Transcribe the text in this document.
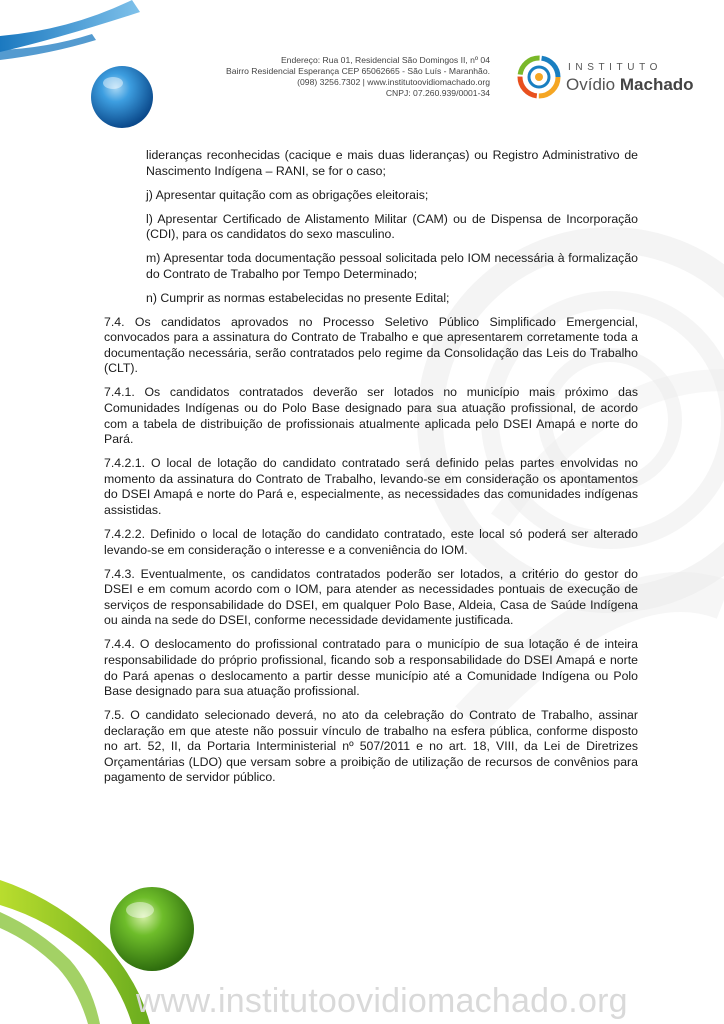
Endereço: Rua 01, Residencial São Domingos II, nº 04
Bairro Residencial Esperança CEP 65062665 - São Luís - Maranhão.
(098) 3256.7302 | www.institutoovidiomachado.org
CNPJ: 07.260.939/0001-34
INSTITUTO
Ovídio Machado

lideranças reconhecidas (cacique e mais duas lideranças) ou Registro Administrativo de Nascimento Indígena – RANI, se for o caso;

j) Apresentar quitação com as obrigações eleitorais;

l) Apresentar Certificado de Alistamento Militar (CAM) ou de Dispensa de Incorporação (CDI), para os candidatos do sexo masculino.

m) Apresentar toda documentação pessoal solicitada pelo IOM necessária à formalização do Contrato de Trabalho por Tempo Determinado;

n) Cumprir as normas estabelecidas no presente Edital;

7.4. Os candidatos aprovados no Processo Seletivo Público Simplificado Emergencial, convocados para a assinatura do Contrato de Trabalho e que apresentarem corretamente toda a documentação necessária, serão contratados pelo regime da Consolidação das Leis do Trabalho (CLT).

7.4.1. Os candidatos contratados deverão ser lotados no município mais próximo das Comunidades Indígenas ou do Polo Base designado para sua atuação profissional, de acordo com a tabela de distribuição de profissionais atualmente aplicada pelo DSEI Amapá e norte do Pará.

7.4.2.1. O local de lotação do candidato contratado será definido pelas partes envolvidas no momento da assinatura do Contrato de Trabalho, levando-se em consideração os apontamentos do DSEI Amapá e norte do Pará e, especialmente, as necessidades das comunidades indígenas assistidas.

7.4.2.2. Definido o local de lotação do candidato contratado, este local só poderá ser alterado levando-se em consideração o interesse e a conveniência do IOM.

7.4.3. Eventualmente, os candidatos contratados poderão ser lotados, a critério do gestor do DSEI e em comum acordo com o IOM, para atender as necessidades pontuais de execução de serviços de responsabilidade do DSEI, em qualquer Polo Base, Aldeia, Casa de Saúde Indígena ou ainda na sede do DSEI, conforme necessidade devidamente justificada.

7.4.4. O deslocamento do profissional contratado para o município de sua lotação é de inteira responsabilidade do próprio profissional, ficando sob a responsabilidade do DSEI Amapá e norte do Pará apenas o deslocamento a partir desse município até a Comunidade Indígena ou Polo Base designado para sua atuação profissional.

7.5. O candidato selecionado deverá, no ato da celebração do Contrato de Trabalho, assinar declaração em que ateste não possuir vínculo de trabalho na esfera pública, conforme disposto no art. 52, II, da Portaria Interministerial nº 507/2011 e no art. 18, VIII, da Lei de Diretrizes Orçamentárias (LDO) que versam sobre a proibição de utilização de recursos de convênios para pagamento de servidor público.

www.institutoovidiomachado.org
